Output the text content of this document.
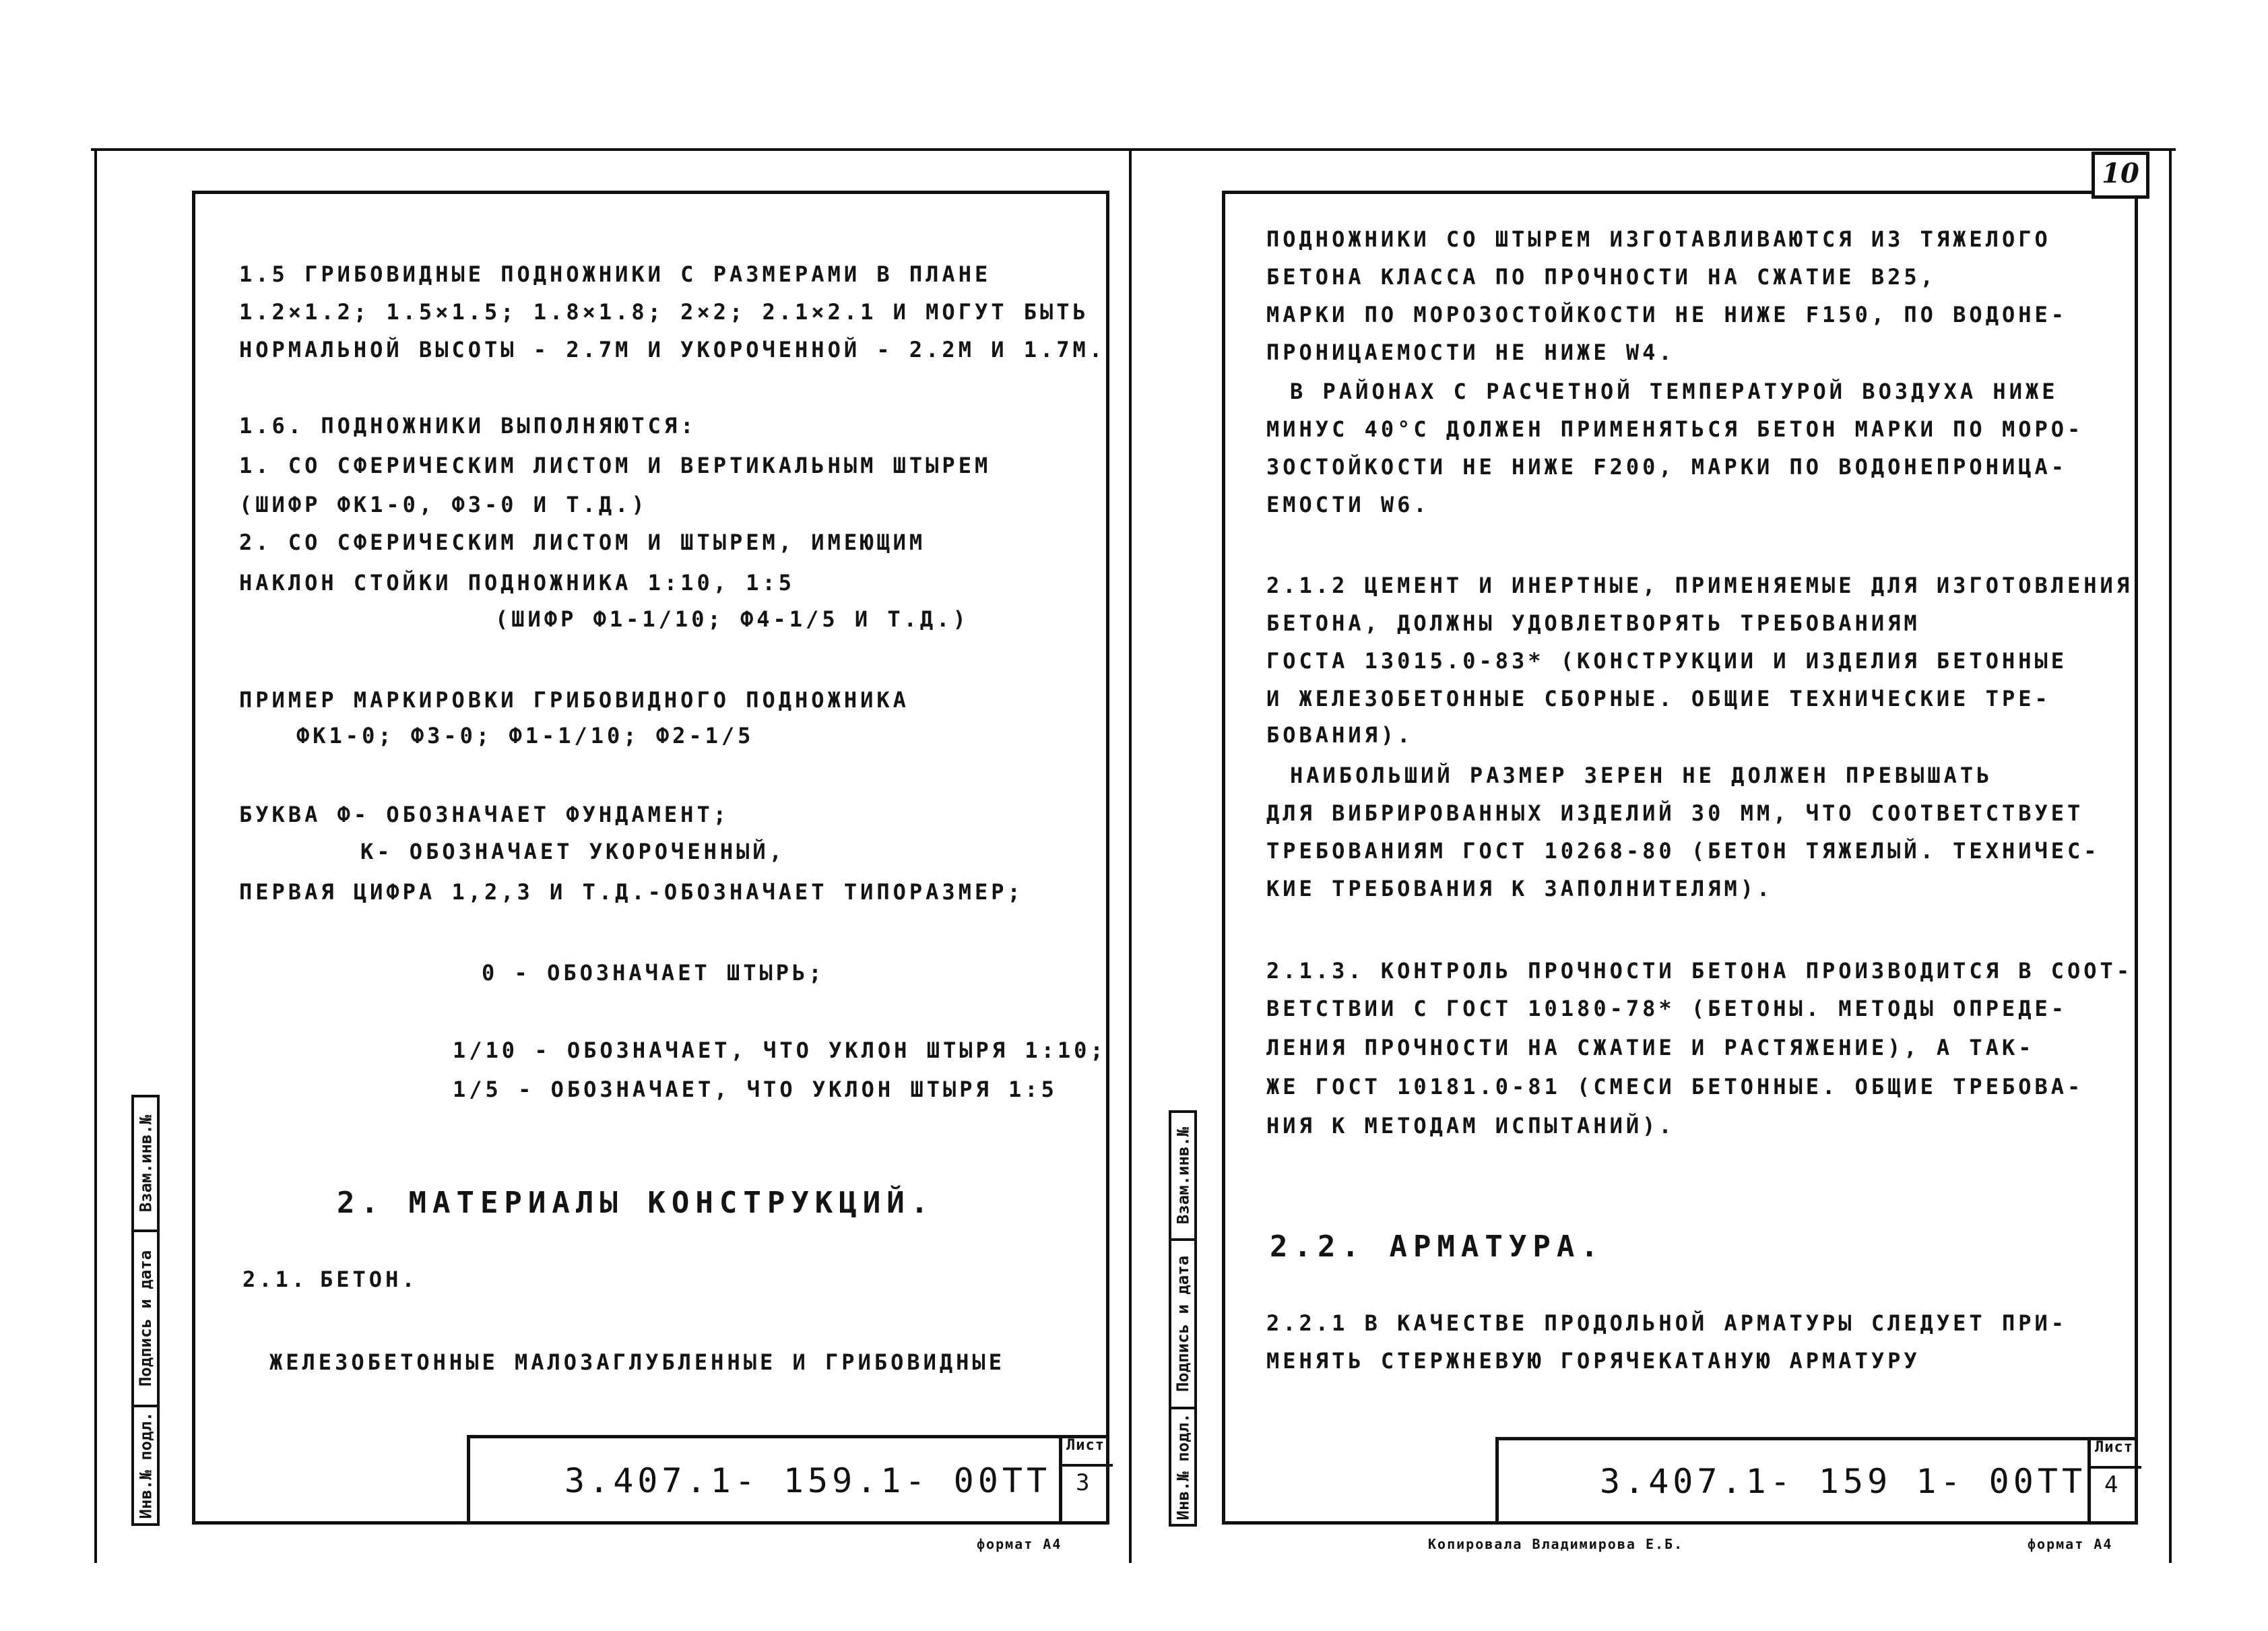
1.5 ГРИБОВИДНЫЕ ПОДНОЖНИКИ С РАЗМЕРАМИ В ПЛАНЕ
1.2×1.2; 1.5×1.5; 1.8×1.8; 2×2; 2.1×2.1 И МОГУТ БЫТЬ
НОРМАЛЬНОЙ ВЫСОТЫ - 2.7М И УКОРОЧЕННОЙ - 2.2М И 1.7М.
1.6. ПОДНОЖНИКИ ВЫПОЛНЯЮТСЯ:
1. СО СФЕРИЧЕСКИМ ЛИСТОМ И ВЕРТИКАЛЬНЫМ ШТЫРЕМ
(ШИФР ФК1-0, Ф3-0 И Т.Д.)
2. СО СФЕРИЧЕСКИМ ЛИСТОМ И ШТЫРЕМ, ИМЕЮЩИМ
НАКЛОН СТОЙКИ ПОДНОЖНИКА 1:10, 1:5
(ШИФР Ф1-1/10; Ф4-1/5 И Т.Д.)
ПРИМЕР МАРКИРОВКИ ГРИБОВИДНОГО ПОДНОЖНИКА
ФК1-0; Ф3-0; Ф1-1/10; Ф2-1/5
БУКВА Ф- ОБОЗНАЧАЕТ ФУНДАМЕНТ;
К- ОБОЗНАЧАЕТ УКОРОЧЕННЫЙ,
ПЕРВАЯ ЦИФРА 1,2,3 И Т.Д.-ОБОЗНАЧАЕТ ТИПОРАЗМЕР;
0 - ОБОЗНАЧАЕТ ШТЫРЬ;
1/10 - ОБОЗНАЧАЕТ, ЧТО УКЛОН ШТЫРЯ 1:10;
1/5 - ОБОЗНАЧАЕТ, ЧТО УКЛОН ШТЫРЯ 1:5
2. МАТЕРИАЛЫ КОНСТРУКЦИЙ.
2.1. БЕТОН.
ЖЕЛЕЗОБЕТОННЫЕ МАЛОЗАГЛУБЛЕННЫЕ И ГРИБОВИДНЫЕ
Взам.инв.№
Подпись и дата
Инв.№ подл.	3.407.1- 159.1- 00ТТ
Лист
3
формат А4
10
ПОДНОЖНИКИ СО ШТЫРЕМ ИЗГОТАВЛИВАЮТСЯ ИЗ ТЯЖЕЛОГО
БЕТОНА КЛАССА ПО ПРОЧНОСТИ НА СЖАТИЕ В25,
МАРКИ ПО МОРОЗОСТОЙКОСТИ НЕ НИЖЕ F150, ПО ВОДОНЕ-
ПРОНИЦАЕМОСТИ НЕ НИЖЕ W4.
В РАЙОНАХ С РАСЧЕТНОЙ ТЕМПЕРАТУРОЙ ВОЗДУХА НИЖЕ
МИНУС 40°С ДОЛЖЕН ПРИМЕНЯТЬСЯ БЕТОН МАРКИ ПО МОРО-
ЗОСТОЙКОСТИ НЕ НИЖЕ F200, МАРКИ ПО ВОДОНЕПРОНИЦА-
ЕМОСТИ W6.
2.1.2 ЦЕМЕНТ И ИНЕРТНЫЕ, ПРИМЕНЯЕМЫЕ ДЛЯ ИЗГОТОВЛЕНИЯ
БЕТОНА, ДОЛЖНЫ УДОВЛЕТВОРЯТЬ ТРЕБОВАНИЯМ
ГОСТА 13015.0-83* (КОНСТРУКЦИИ И ИЗДЕЛИЯ БЕТОННЫЕ
И ЖЕЛЕЗОБЕТОННЫЕ СБОРНЫЕ. ОБЩИЕ ТЕХНИЧЕСКИЕ ТРЕ-
БОВАНИЯ).
НАИБОЛЬШИЙ РАЗМЕР ЗЕРЕН НЕ ДОЛЖЕН ПРЕВЫШАТЬ
ДЛЯ ВИБРИРОВАННЫХ ИЗДЕЛИЙ 30 ММ, ЧТО СООТВЕТСТВУЕТ
ТРЕБОВАНИЯМ ГОСТ 10268-80 (БЕТОН ТЯЖЕЛЫЙ. ТЕХНИЧЕС-
КИЕ ТРЕБОВАНИЯ К ЗАПОЛНИТЕЛЯМ).
2.1.3. КОНТРОЛЬ ПРОЧНОСТИ БЕТОНА ПРОИЗВОДИТСЯ В СООТ-
ВЕТСТВИИ С ГОСТ 10180-78* (БЕТОНЫ. МЕТОДЫ ОПРЕДЕ-
ЛЕНИЯ ПРОЧНОСТИ НА СЖАТИЕ И РАСТЯЖЕНИЕ), А ТАК-
ЖЕ ГОСТ 10181.0-81 (СМЕСИ БЕТОННЫЕ. ОБЩИЕ ТРЕБОВА-
НИЯ К МЕТОДАМ ИСПЫТАНИЙ).
2.2. АРМАТУРА.
2.2.1 В КАЧЕСТВЕ ПРОДОЛЬНОЙ АРМАТУРЫ СЛЕДУЕТ ПРИ-
МЕНЯТЬ СТЕРЖНЕВУЮ ГОРЯЧЕКАТАНУЮ АРМАТУРУ
Взам.инв.№
Подпись и дата
Инв.№ подл.	3.407.1- 159 1- 00ТТ
Лист
4
Копировала Владимирова Е.Б.	формат А4
